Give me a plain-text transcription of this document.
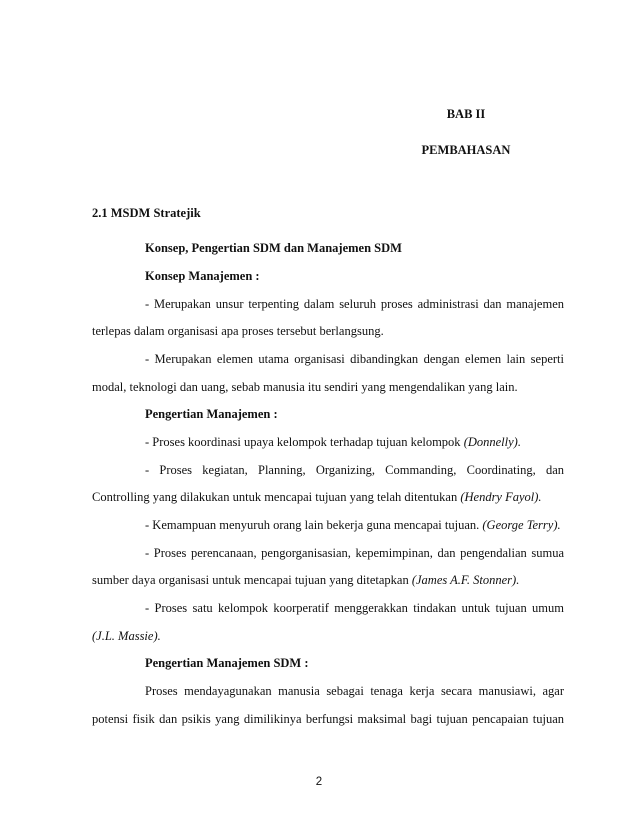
BAB II
PEMBAHASAN
2.1 MSDM Stratejik
Konsep, Pengertian SDM dan Manajemen SDM
Konsep Manajemen :
- Merupakan unsur terpenting dalam seluruh proses administrasi dan manajemen
terlepas dalam organisasi apa proses tersebut berlangsung.
- Merupakan elemen utama organisasi dibandingkan dengan elemen lain seperti
modal, teknologi dan uang, sebab manusia itu sendiri yang mengendalikan yang lain.
Pengertian Manajemen :
- Proses koordinasi upaya kelompok terhadap tujuan kelompok (Donnelly).
- Proses kegiatan, Planning, Organizing, Commanding, Coordinating, dan
Controlling yang dilakukan untuk mencapai tujuan yang telah ditentukan (Hendry Fayol).
- Kemampuan menyuruh orang lain bekerja guna mencapai tujuan. (George Terry).
- Proses perencanaan, pengorganisasian, kepemimpinan, dan pengendalian sumua
sumber daya organisasi untuk mencapai tujuan yang ditetapkan (James A.F. Stonner).
- Proses satu kelompok koorperatif menggerakkan tindakan untuk tujuan umum
(J.L. Massie).
Pengertian Manajemen SDM :
Proses mendayagunakan manusia sebagai tenaga kerja secara manusiawi, agar
potensi fisik dan psikis yang dimilikinya berfungsi maksimal bagi tujuan pencapaian tujuan
2
